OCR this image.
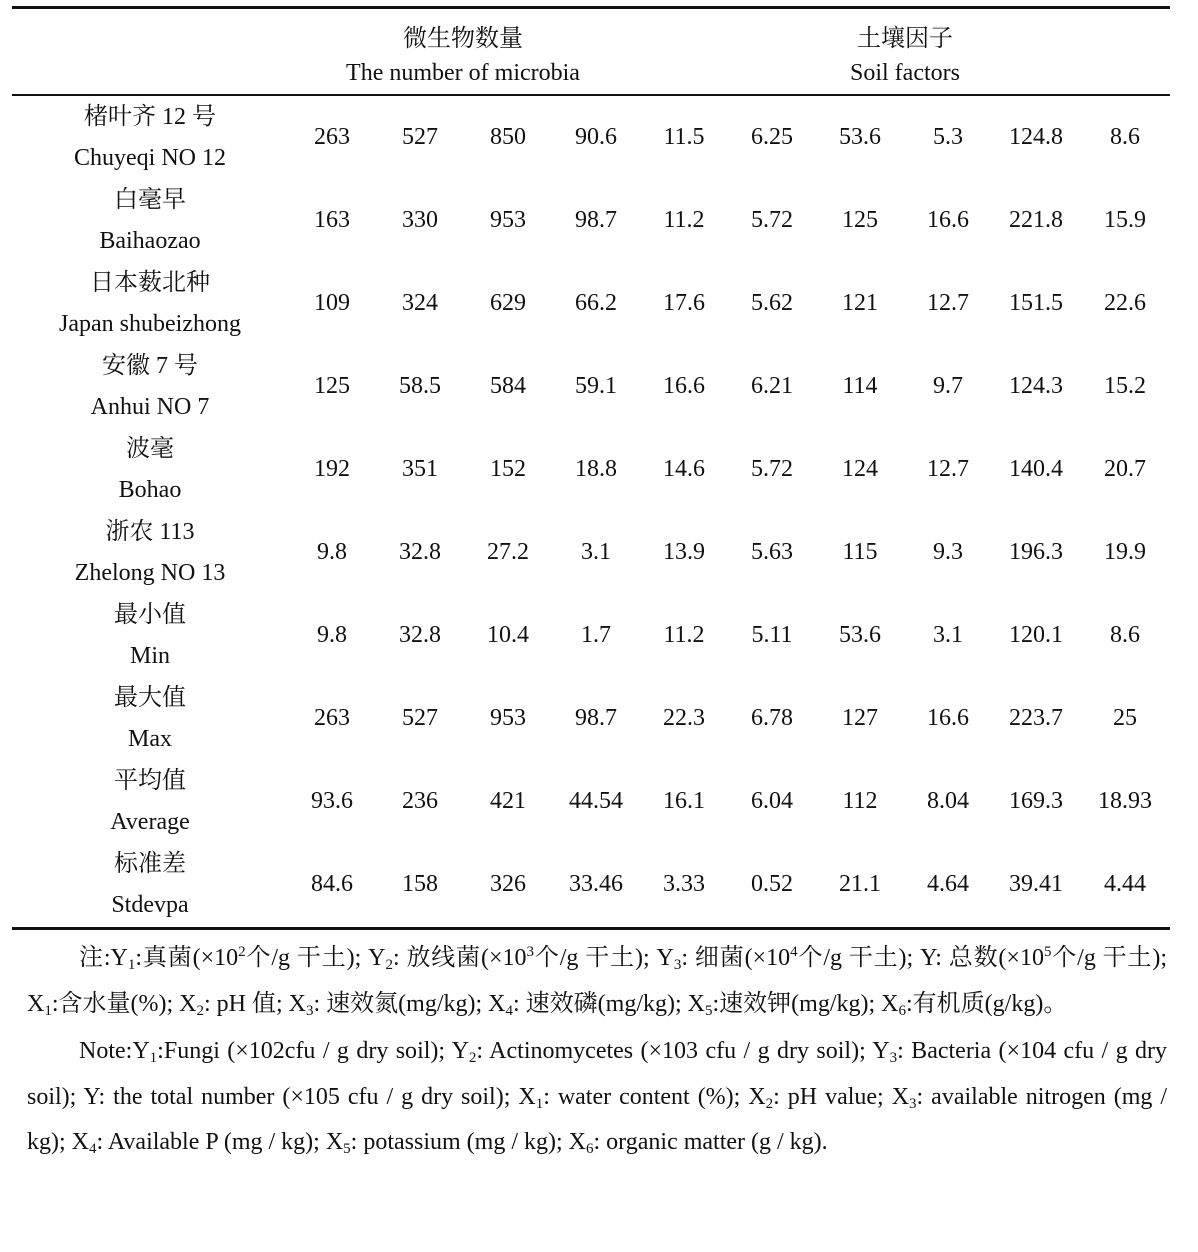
微生物数量
The number of microbia
土壤因子
Soil factors
楮叶齐 12 号
Chuyeqi NO 12	263	527	850	90.6	11.5	6.25	53.6	5.3	124.8	8.6

白毫早
Baihaozao	163	330	953	98.7	11.2	5.72	125	16.6	221.8	15.9

日本薮北种
Japan shubeizhong	109	324	629	66.2	17.6	5.62	121	12.7	151.5	22.6

安徽 7 号
Anhui NO 7	125	58.5	584	59.1	16.6	6.21	114	9.7	124.3	15.2

波毫
Bohao	192	351	152	18.8	14.6	5.72	124	12.7	140.4	20.7

浙农 113
Zhelong NO 13	9.8	32.8	27.2	3.1	13.9	5.63	115	9.3	196.3	19.9

最小值
Min	9.8	32.8	10.4	1.7	11.2	5.11	53.6	3.1	120.1	8.6

最大值
Max	263	527	953	98.7	22.3	6.78	127	16.6	223.7	25

平均值
Average	93.6	236	421	44.54	16.1	6.04	112	8.04	169.3	18.93

标准差
Stdevpa	84.6	158	326	33.46	3.33	0.52	21.1	4.64	39.41	4.44

注$:Y_1$:真菌($\times 10^2$个/g 干土); $Y_2$: 放线菌($\times 10^3$个/g 干土); $Y_3$: 细菌($\times 10^4$个/g 干土); Y: 总数($\times 10^5$个/g 干土); $X_1$:含水量(%); $X_2$: pH 值; $X_3$: 速效氮(mg/kg); $X_4$: 速效磷(mg/kg); $X_5$:速效钾(mg/kg); $X_6$:有机质(g/kg)。

$Note:Y_1:Fungi$ (×102cfu / g dry soil); $Y_2$: Actinomycetes (×103 cfu / g dry soil); $Y_3$: Bacteria (×104 cfu / g dry soil); Y: the total number (×105 cfu / g dry soil); $X_1$: water content (%); $X_2$: pH value; $X_3$: available nitrogen (mg / kg); $X_4$: Available P (mg / kg); $X_5$: potassium (mg / kg); $X_6$: organic matter (g / kg).
